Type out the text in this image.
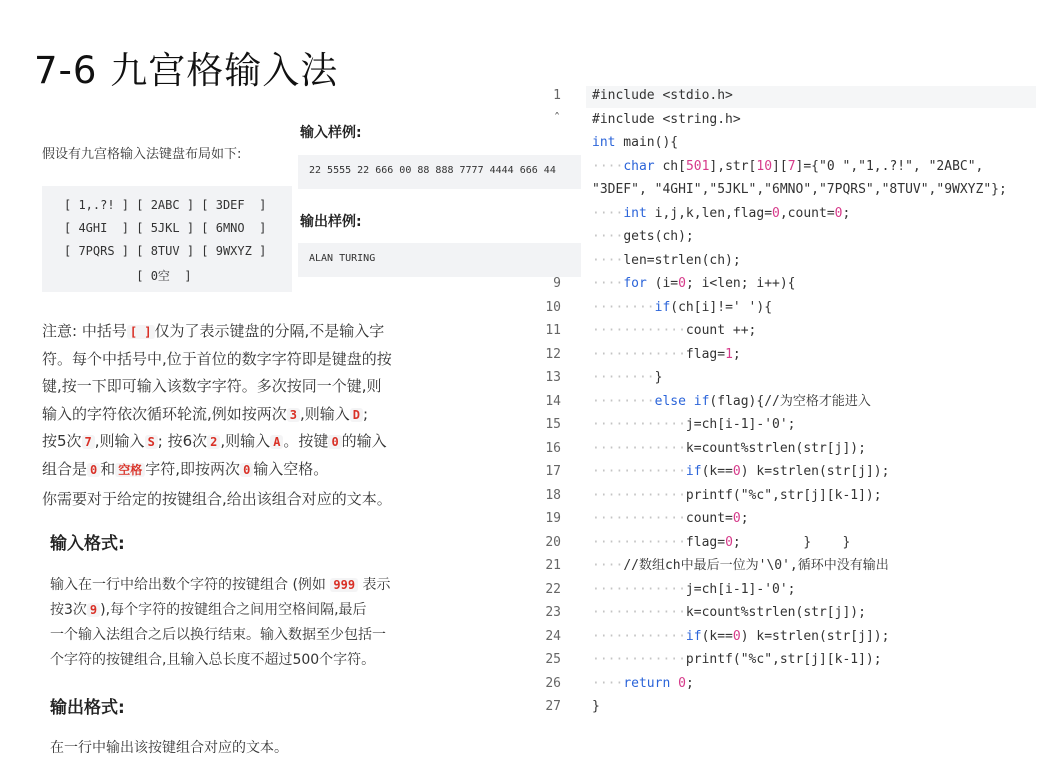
7-6 九宫格输入法
假设有九宫格输入法键盘布局如下:
[ 1,.?! ] [ 2ABC ] [ 3DEF  ]
[ 4GHI  ] [ 5JKL ] [ 6MNO  ]
[ 7PQRS ] [ 8TUV ] [ 9WXYZ ]
[ 0空  ]
输入样例:
22 5555 22 666 00 88 888 7777 4444 666 44
输出样例:
ALAN TURING
注意: 中括号 [ ] 仅为了表示键盘的分隔,不是输入字
符。每个中括号中,位于首位的数字字符即是键盘的按
键,按一下即可输入该数字字符。多次按同一个键,则
输入的字符依次循环轮流,例如按两次 3 ,则输入 D ;
按5次 7 ,则输入 S ; 按6次 2 ,则输入 A 。按键 0 的输入
组合是 0 和 空格 字符,即按两次 0 输入空格。
你需要对于给定的按键组合,给出该组合对应的文本。
输入格式:
输入在一行中给出数个字符的按键组合 (例如 999 表示
按3次 9 ),每个字符的按键组合之间用空格间隔,最后
一个输入法组合之后以换行结束。输入数据至少包括一
个字符的按键组合,且输入总长度不超过500个字符。
输出格式:
在一行中输出该按键组合对应的文本。
#include <stdio.h>
#include <string.h>
int main(){
····char ch[501],str[10][7]={"0 ","1,.?!", "2ABC",
"3DEF", "4GHI","5JKL","6MNO","7PQRS","8TUV","9WXYZ"};
····int i,j,k,len,flag=0,count=0;
····gets(ch);
····len=strlen(ch);
····for (i=0; i<len; i++){
········if(ch[i]!=' '){
············count ++;
············flag=1;
········}
········else if(flag){//为空格才能进入
············j=ch[i-1]-'0';
············k=count%strlen(str[j]);
············if(k==0) k=strlen(str[j]);
············printf("%c",str[j][k-1]);
············count=0;
············flag=0;        }    }
····//数组ch中最后一位为'\0',循环中没有输出
············j=ch[i-1]-'0';
············k=count%strlen(str[j]);
············if(k==0) k=strlen(str[j]);
············printf("%c",str[j][k-1]);
····return 0;
}
1
ˆ
9
10
11
12
13
14
15
16
17
18
19
20
21
22
23
24
25
26
27
